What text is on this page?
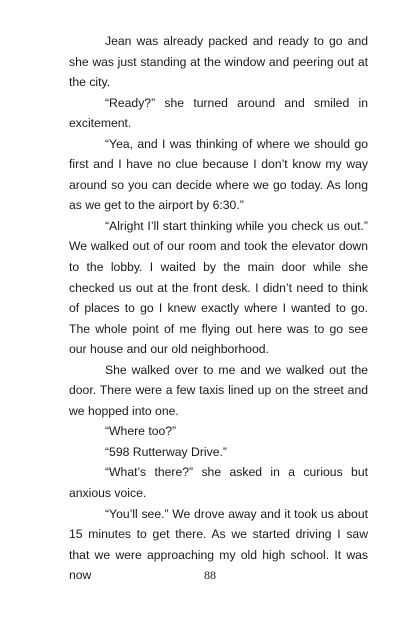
Jean was already packed and ready to go and she was just standing at the window and peering out at the city.

“Ready?” she turned around and smiled in excitement.

“Yea, and I was thinking of where we should go first and I have no clue because I don’t know my way around so you can decide where we go today. As long as we get to the airport by 6:30.”

“Alright I’ll start thinking while you check us out.” We walked out of our room and took the elevator down to the lobby. I waited by the main door while she checked us out at the front desk. I didn’t need to think of places to go I knew exactly where I wanted to go. The whole point of me flying out here was to go see our house and our old neighborhood.

She walked over to me and we walked out the door. There were a few taxis lined up on the street and we hopped into one.

“Where too?”

“598 Rutterway Drive.”

“What’s there?” she asked in a curious but anxious voice.

“You’ll see.” We drove away and it took us about 15 minutes to get there. As we started driving I saw that we were approaching my old high school. It was now	88
